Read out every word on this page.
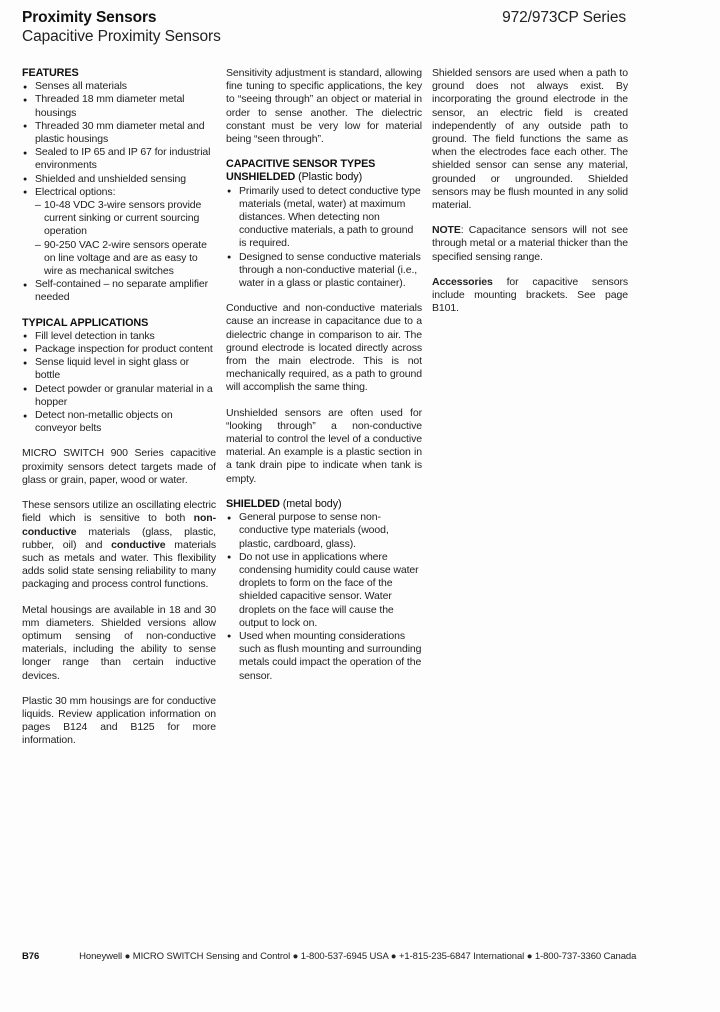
Proximity Sensors
Capacitive Proximity Sensors
972/973CP Series
FEATURES
● Senses all materials
● Threaded 18 mm diameter metal housings
● Threaded 30 mm diameter metal and plastic housings
● Sealed to IP 65 and IP 67 for industrial environments
● Shielded and unshielded sensing
● Electrical options:
– 10-48 VDC 3-wire sensors provide current sinking or current sourcing operation
– 90-250 VAC 2-wire sensors operate on line voltage and are as easy to wire as mechanical switches
● Self-contained – no separate amplifier needed
TYPICAL APPLICATIONS
● Fill level detection in tanks
● Package inspection for product content
● Sense liquid level in sight glass or bottle
● Detect powder or granular material in a hopper
● Detect non-metallic objects on conveyor belts

MICRO SWITCH 900 Series capacitive proximity sensors detect targets made of glass or grain, paper, wood or water.

These sensors utilize an oscillating electric field which is sensitive to both non-conductive materials (glass, plastic, rubber, oil) and conductive materials such as metals and water. This flexibility adds solid state sensing reliability to many packaging and process control functions.

Metal housings are available in 18 and 30 mm diameters. Shielded versions allow optimum sensing of non-conductive materials, including the ability to sense longer range than certain inductive devices.

Plastic 30 mm housings are for conductive liquids. Review application information on pages B124 and B125 for more information.

Sensitivity adjustment is standard, allowing fine tuning to specific applications, the key to “seeing through” an object or material in order to sense another. The dielectric constant must be very low for material being “seen through”.

CAPACITIVE SENSOR TYPES
UNSHIELDED (Plastic body)
● Primarily used to detect conductive type materials (metal, water) at maximum distances. When detecting non conductive materials, a path to ground is required.
● Designed to sense conductive materials through a non-conductive material (i.e., water in a glass or plastic container).

Conductive and non-conductive materials cause an increase in capacitance due to a dielectric change in comparison to air. The ground electrode is located directly across from the main electrode. This is not mechanically required, as a path to ground will accomplish the same thing.

Unshielded sensors are often used for “looking through” a non-conductive material to control the level of a conductive material. An example is a plastic section in a tank drain pipe to indicate when tank is empty.

SHIELDED (metal body)
● General purpose to sense non-conductive type materials (wood, plastic, cardboard, glass).
● Do not use in applications where condensing humidity could cause water droplets to form on the face of the shielded capacitive sensor. Water droplets on the face will cause the output to lock on.
● Used when mounting considerations such as flush mounting and surrounding metals could impact the operation of the sensor.

Shielded sensors are used when a path to ground does not always exist. By incorporating the ground electrode in the sensor, an electric field is created independently of any outside path to ground. The field functions the same as when the electrodes face each other. The shielded sensor can sense any material, grounded or ungrounded. Shielded sensors may be flush mounted in any solid material.

NOTE: Capacitance sensors will not see through metal or a material thicker than the specified sensing range.

Accessories for capacitive sensors include mounting brackets. See page B101.

B76	Honeywell ● MICRO SWITCH Sensing and Control ● 1-800-537-6945 USA ● +1-815-235-6847 International ● 1-800-737-3360 Canada
